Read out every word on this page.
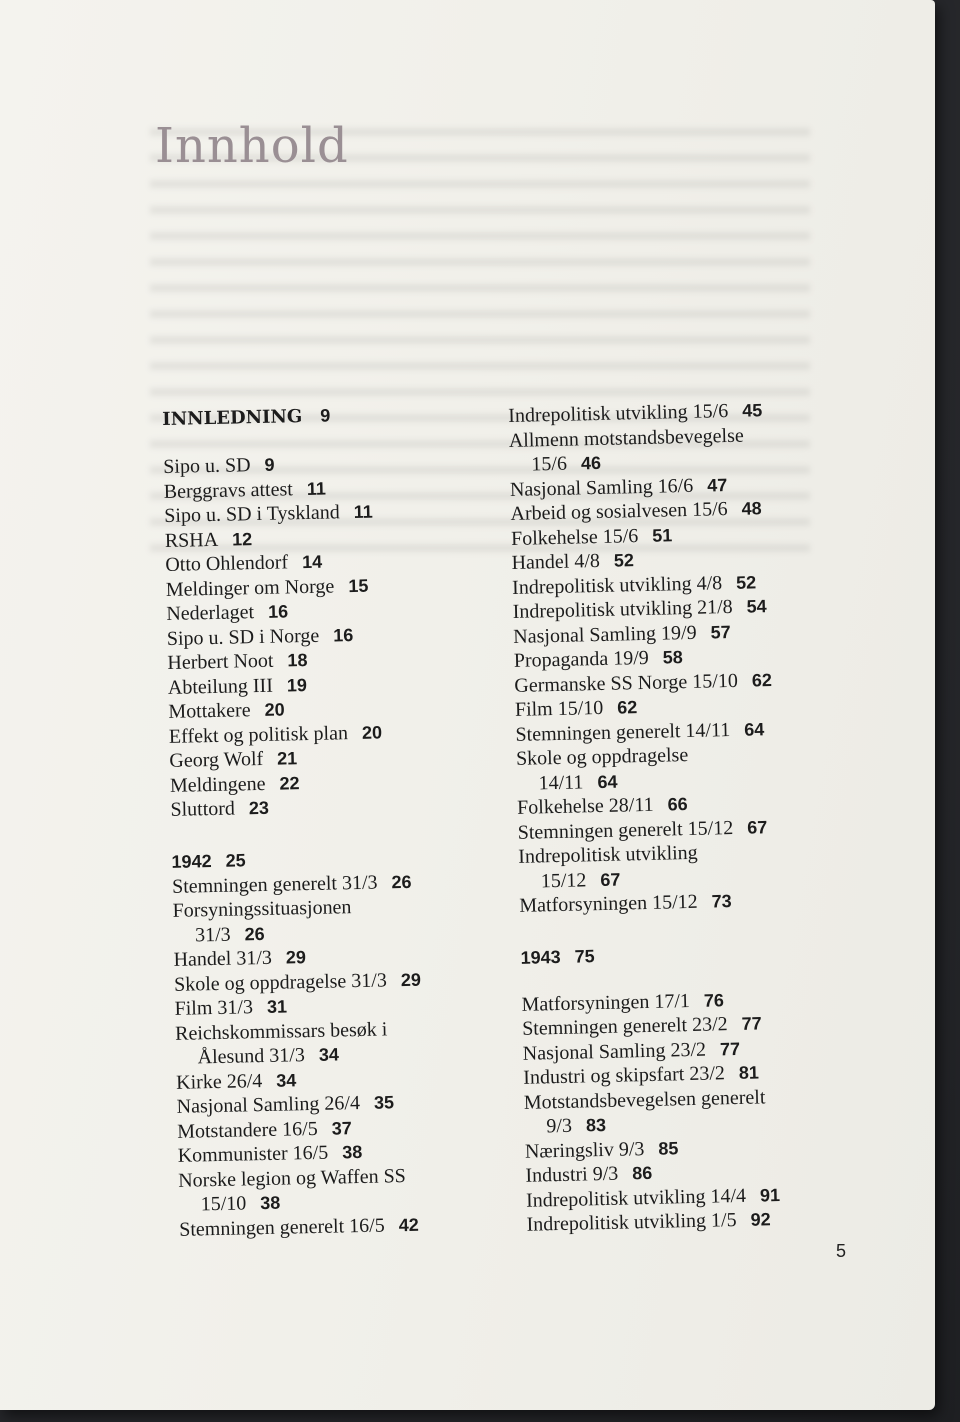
Innhold
INNLEDNING 9
Sipo u. SD 9
Berggravs attest 11
Sipo u. SD i Tyskland 11
RSHA 12
Otto Ohlendorf 14
Meldinger om Norge 15
Nederlaget 16
Sipo u. SD i Norge 16
Herbert Noot 18
Abteilung III 19
Mottakere 20
Effekt og politisk plan 20
Georg Wolf 21
Meldingene 22
Sluttord 23
1942 25
Stemningen generelt 31/3 26
Forsyningssituasjonen
31/3 26
Handel 31/3 29
Skole og oppdragelse 31/3 29
Film 31/3 31
Reichskommissars besøk i
Ålesund 31/3 34
Kirke 26/4 34
Nasjonal Samling 26/4 35
Motstandere 16/5 37
Kommunister 16/5 38
Norske legion og Waffen SS
15/10 38
Stemningen generelt 16/5 42
Indrepolitisk utvikling 15/6 45
Allmenn motstandsbevegelse
15/6 46
Nasjonal Samling 16/6 47
Arbeid og sosialvesen 15/6 48
Folkehelse 15/6 51
Handel 4/8 52
Indrepolitisk utvikling 4/8 52
Indrepolitisk utvikling 21/8 54
Nasjonal Samling 19/9 57
Propaganda 19/9 58
Germanske SS Norge 15/10 62
Film 15/10 62
Stemningen generelt 14/11 64
Skole og oppdragelse
14/11 64
Folkehelse 28/11 66
Stemningen generelt 15/12 67
Indrepolitisk utvikling
15/12 67
Matforsyningen 15/12 73
1943 75
Matforsyningen 17/1 76
Stemningen generelt 23/2 77
Nasjonal Samling 23/2 77
Industri og skipsfart 23/2 81
Motstandsbevegelsen generelt
9/3 83
Næringsliv 9/3 85
Industri 9/3 86
Indrepolitisk utvikling 14/4 91
Indrepolitisk utvikling 1/5 92
5
